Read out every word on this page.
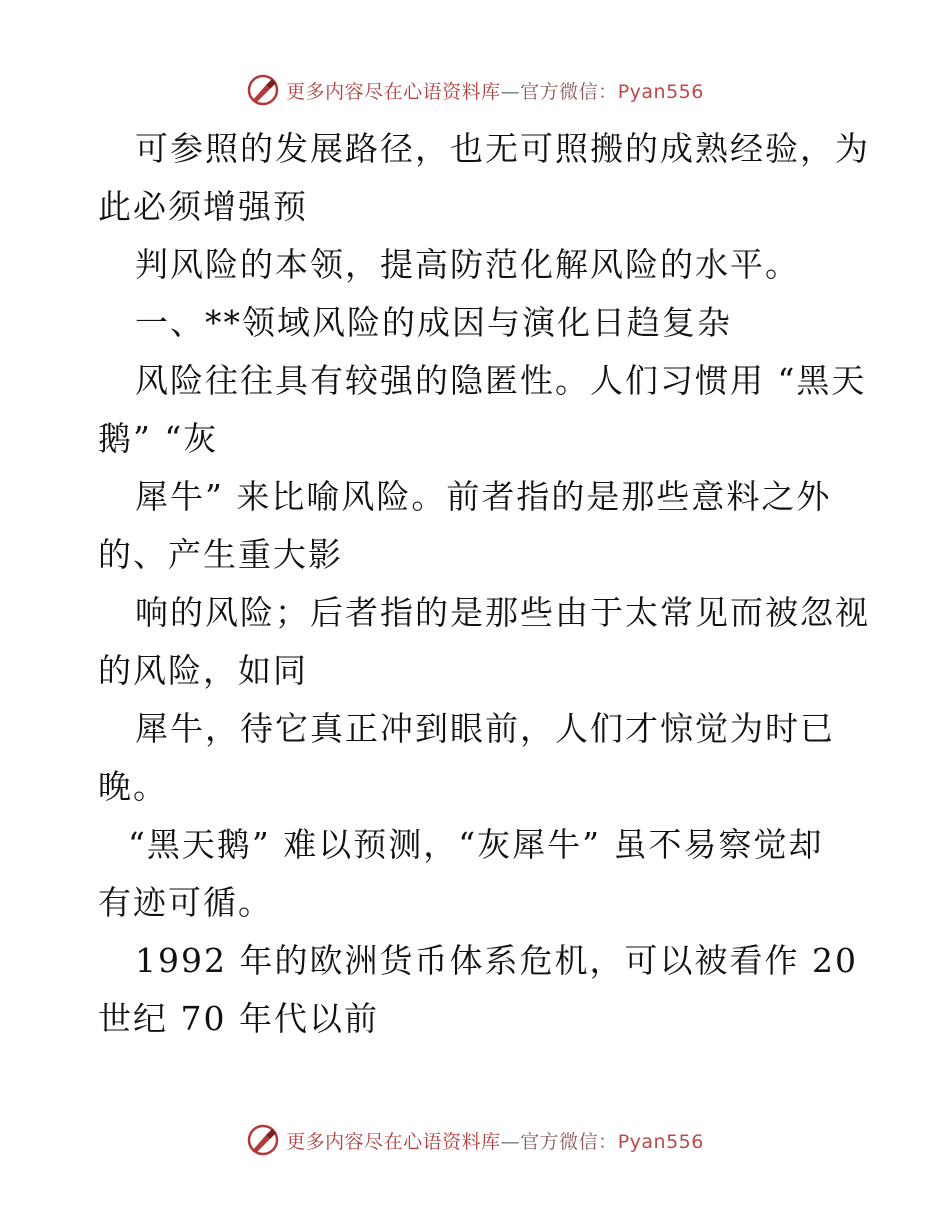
更多内容尽在心语资料库—官方微信：Pyan556
可参照的发展路径，也无可照搬的成熟经验，为
此必须增强预
判风险的本领，提高防范化解风险的水平。
一、**领域风险的成因与演化日趋复杂
风险往往具有较强的隐匿性。人们习惯用 “黑天
鹅” “灰
犀牛” 来比喻风险。前者指的是那些意料之外
的、产生重大影
响的风险；后者指的是那些由于太常见而被忽视
的风险，如同
犀牛，待它真正冲到眼前，人们才惊觉为时已
晚。
“黑天鹅” 难以预测，“灰犀牛” 虽不易察觉却
有迹可循。
1992 年的欧洲货币体系危机，可以被看作 20
世纪 70 年代以前
更多内容尽在心语资料库—官方微信：Pyan556
